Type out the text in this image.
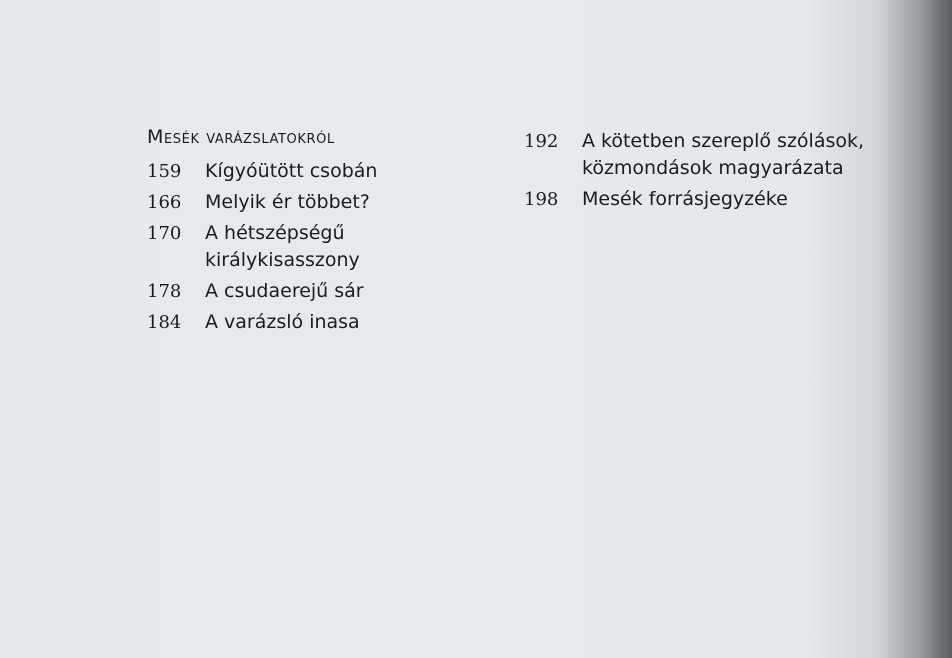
Mesék varázslatokról
159	Kígyóütött csobán
166	Melyik ér többet?
170	A hétszépségű királykisasszony
178	A csudaerejű sár
184	A varázsló inasa
192	A kötetben szereplő szólások, közmondások magyarázata
198	Mesék forrásjegyzéke
